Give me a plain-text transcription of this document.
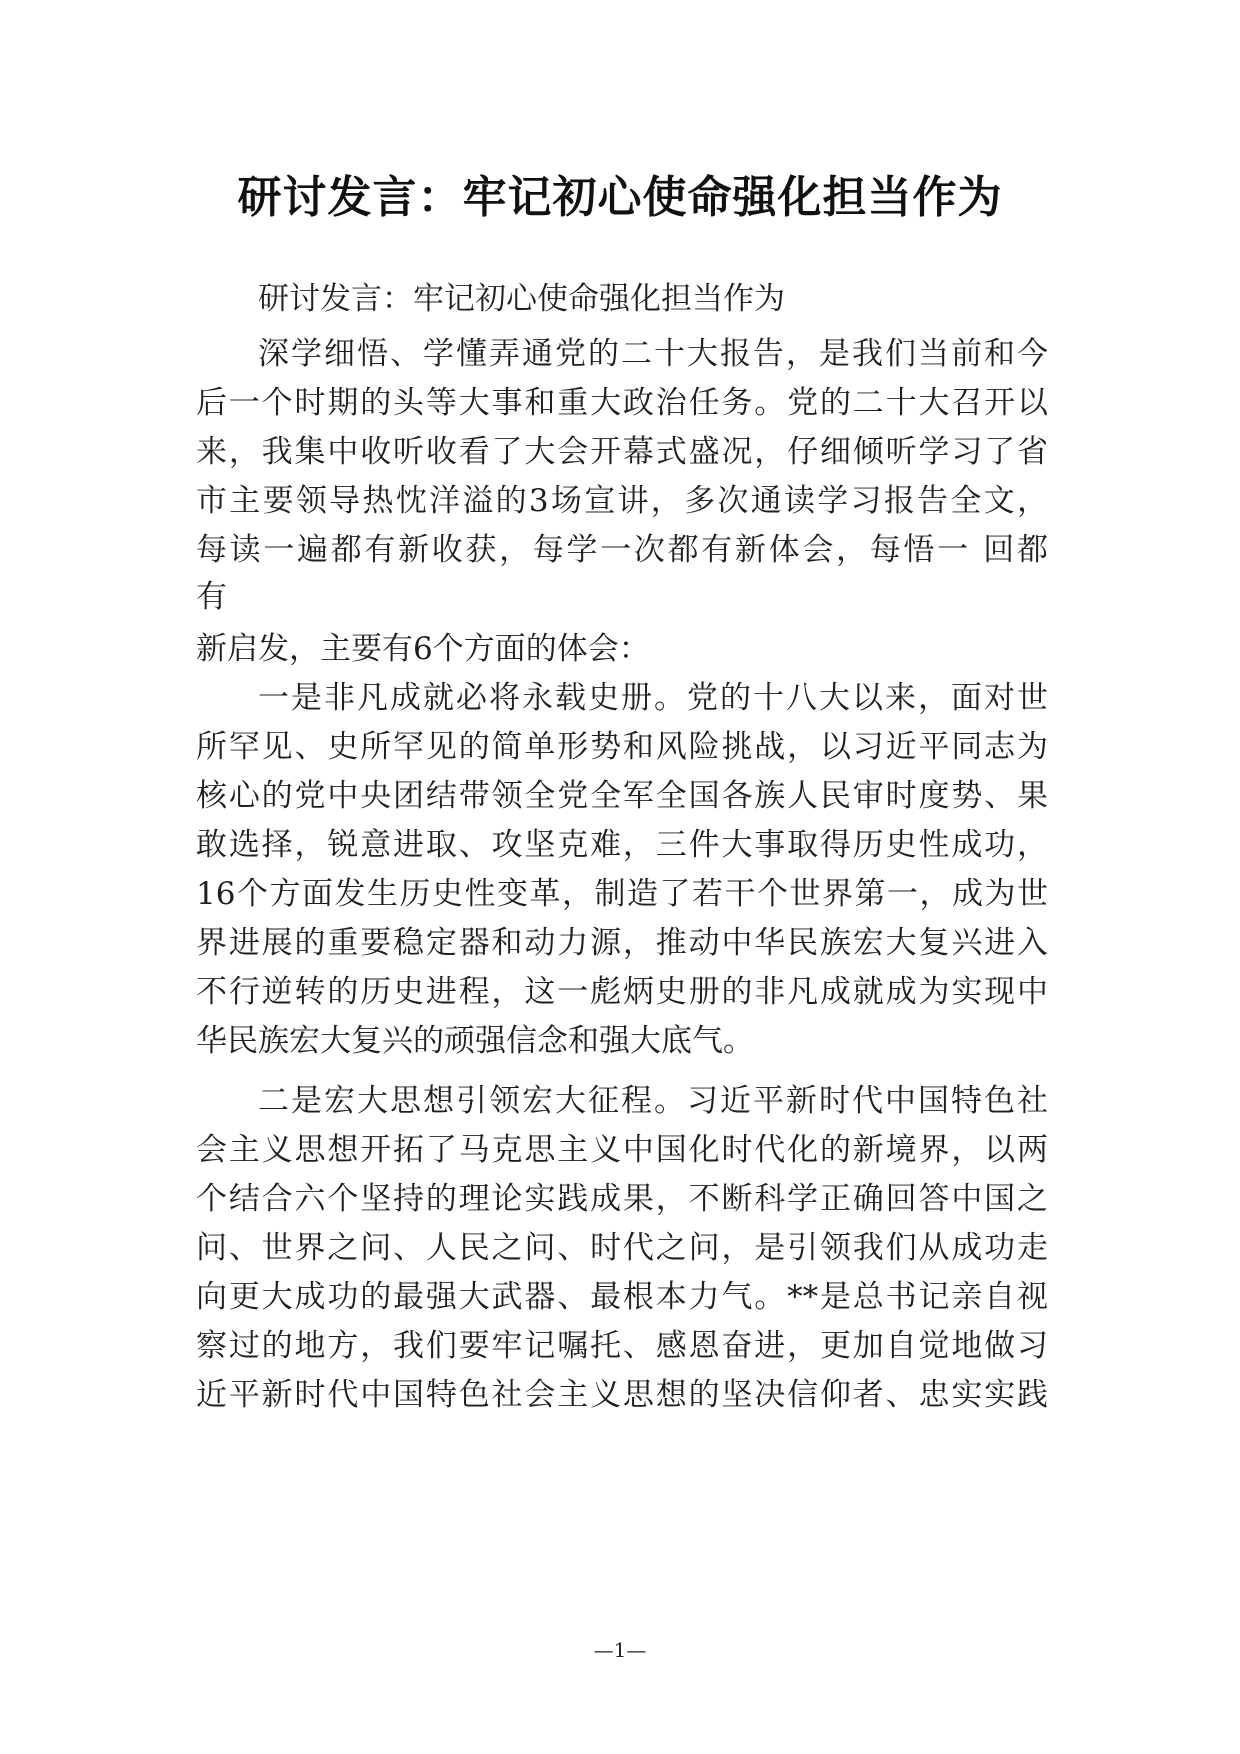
研讨发言：牢记初心使命强化担当作为
研讨发言：牢记初心使命强化担当作为
深学细悟、学懂弄通党的二十大报告，是我们当前和今
后一个时期的头等大事和重大政治任务。党的二十大召开以
来，我集中收听收看了大会开幕式盛况，仔细倾听学习了省
市主要领导热忱洋溢的3场宣讲，多次通读学习报告全文，
每读一遍都有新收获，每学一次都有新体会，每悟一 回都
有
新启发，主要有6个方面的体会：
一是非凡成就必将永载史册。党的十八大以来，面对世
所罕见、史所罕见的简单形势和风险挑战，以习近平同志为
核心的党中央团结带领全党全军全国各族人民审时度势、果
敢选择，锐意进取、攻坚克难，三件大事取得历史性成功，
16个方面发生历史性变革，制造了若干个世界第一，成为世
界进展的重要稳定器和动力源，推动中华民族宏大复兴进入
不行逆转的历史进程，这一彪炳史册的非凡成就成为实现中
华民族宏大复兴的顽强信念和强大底气。
二是宏大思想引领宏大征程。习近平新时代中国特色社
会主义思想开拓了马克思主义中国化时代化的新境界，以两
个结合六个坚持的理论实践成果，不断科学正确回答中国之
问、世界之问、人民之问、时代之问，是引领我们从成功走
向更大成功的最强大武器、最根本力气。**是总书记亲自视
察过的地方，我们要牢记嘱托、感恩奋进，更加自觉地做习
近平新时代中国特色社会主义思想的坚决信仰者、忠实实践
—1—
